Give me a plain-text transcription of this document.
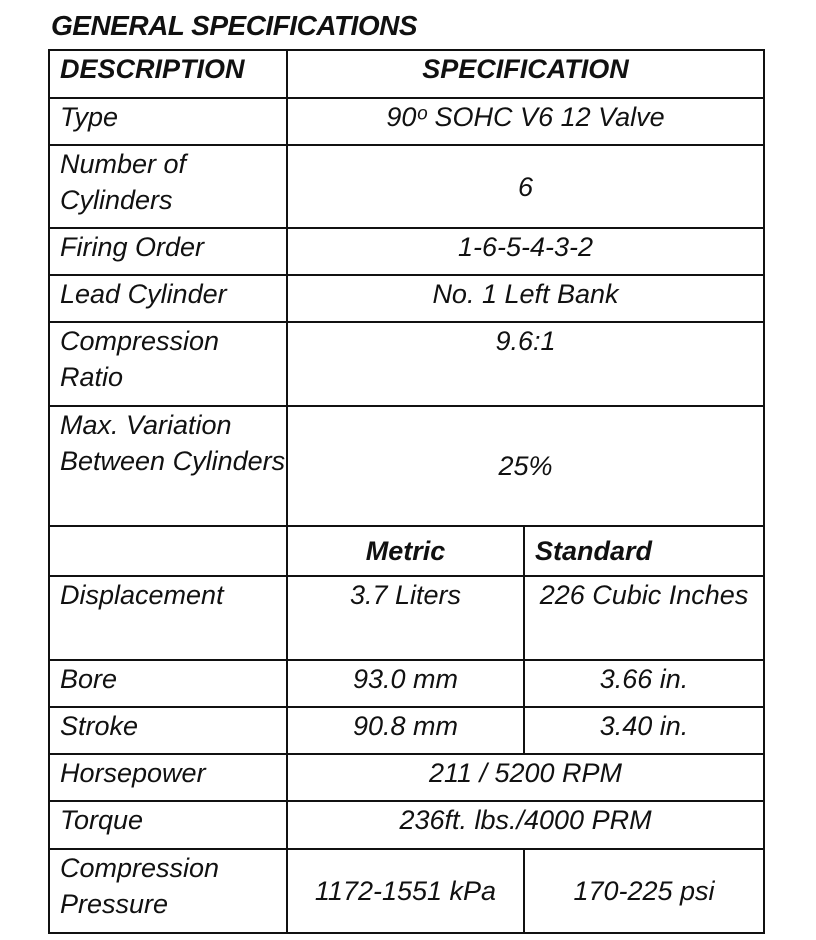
GENERAL SPECIFICATIONS
DESCRIPTION	SPECIFICATION	
Type	90ᵒ SOHC V6 12 Valve	
Number of Cylinders	6	
Firing Order	1-6-5-4-3-2	
Lead Cylinder	No. 1 Left Bank	
Compression Ratio	9.6:1	
Max. Variation Between Cylinders	25%	
	Metric	Standard
Displacement	3.7 Liters	226 Cubic Inches
Bore	93.0 mm	3.66 in.
Stroke	90.8 mm	3.40 in.
Horsepower	211 / 5200 RPM	
Torque	236ft. lbs./4000 PRM	
Compression Pressure	1172-1551 kPa	170-225 psi
